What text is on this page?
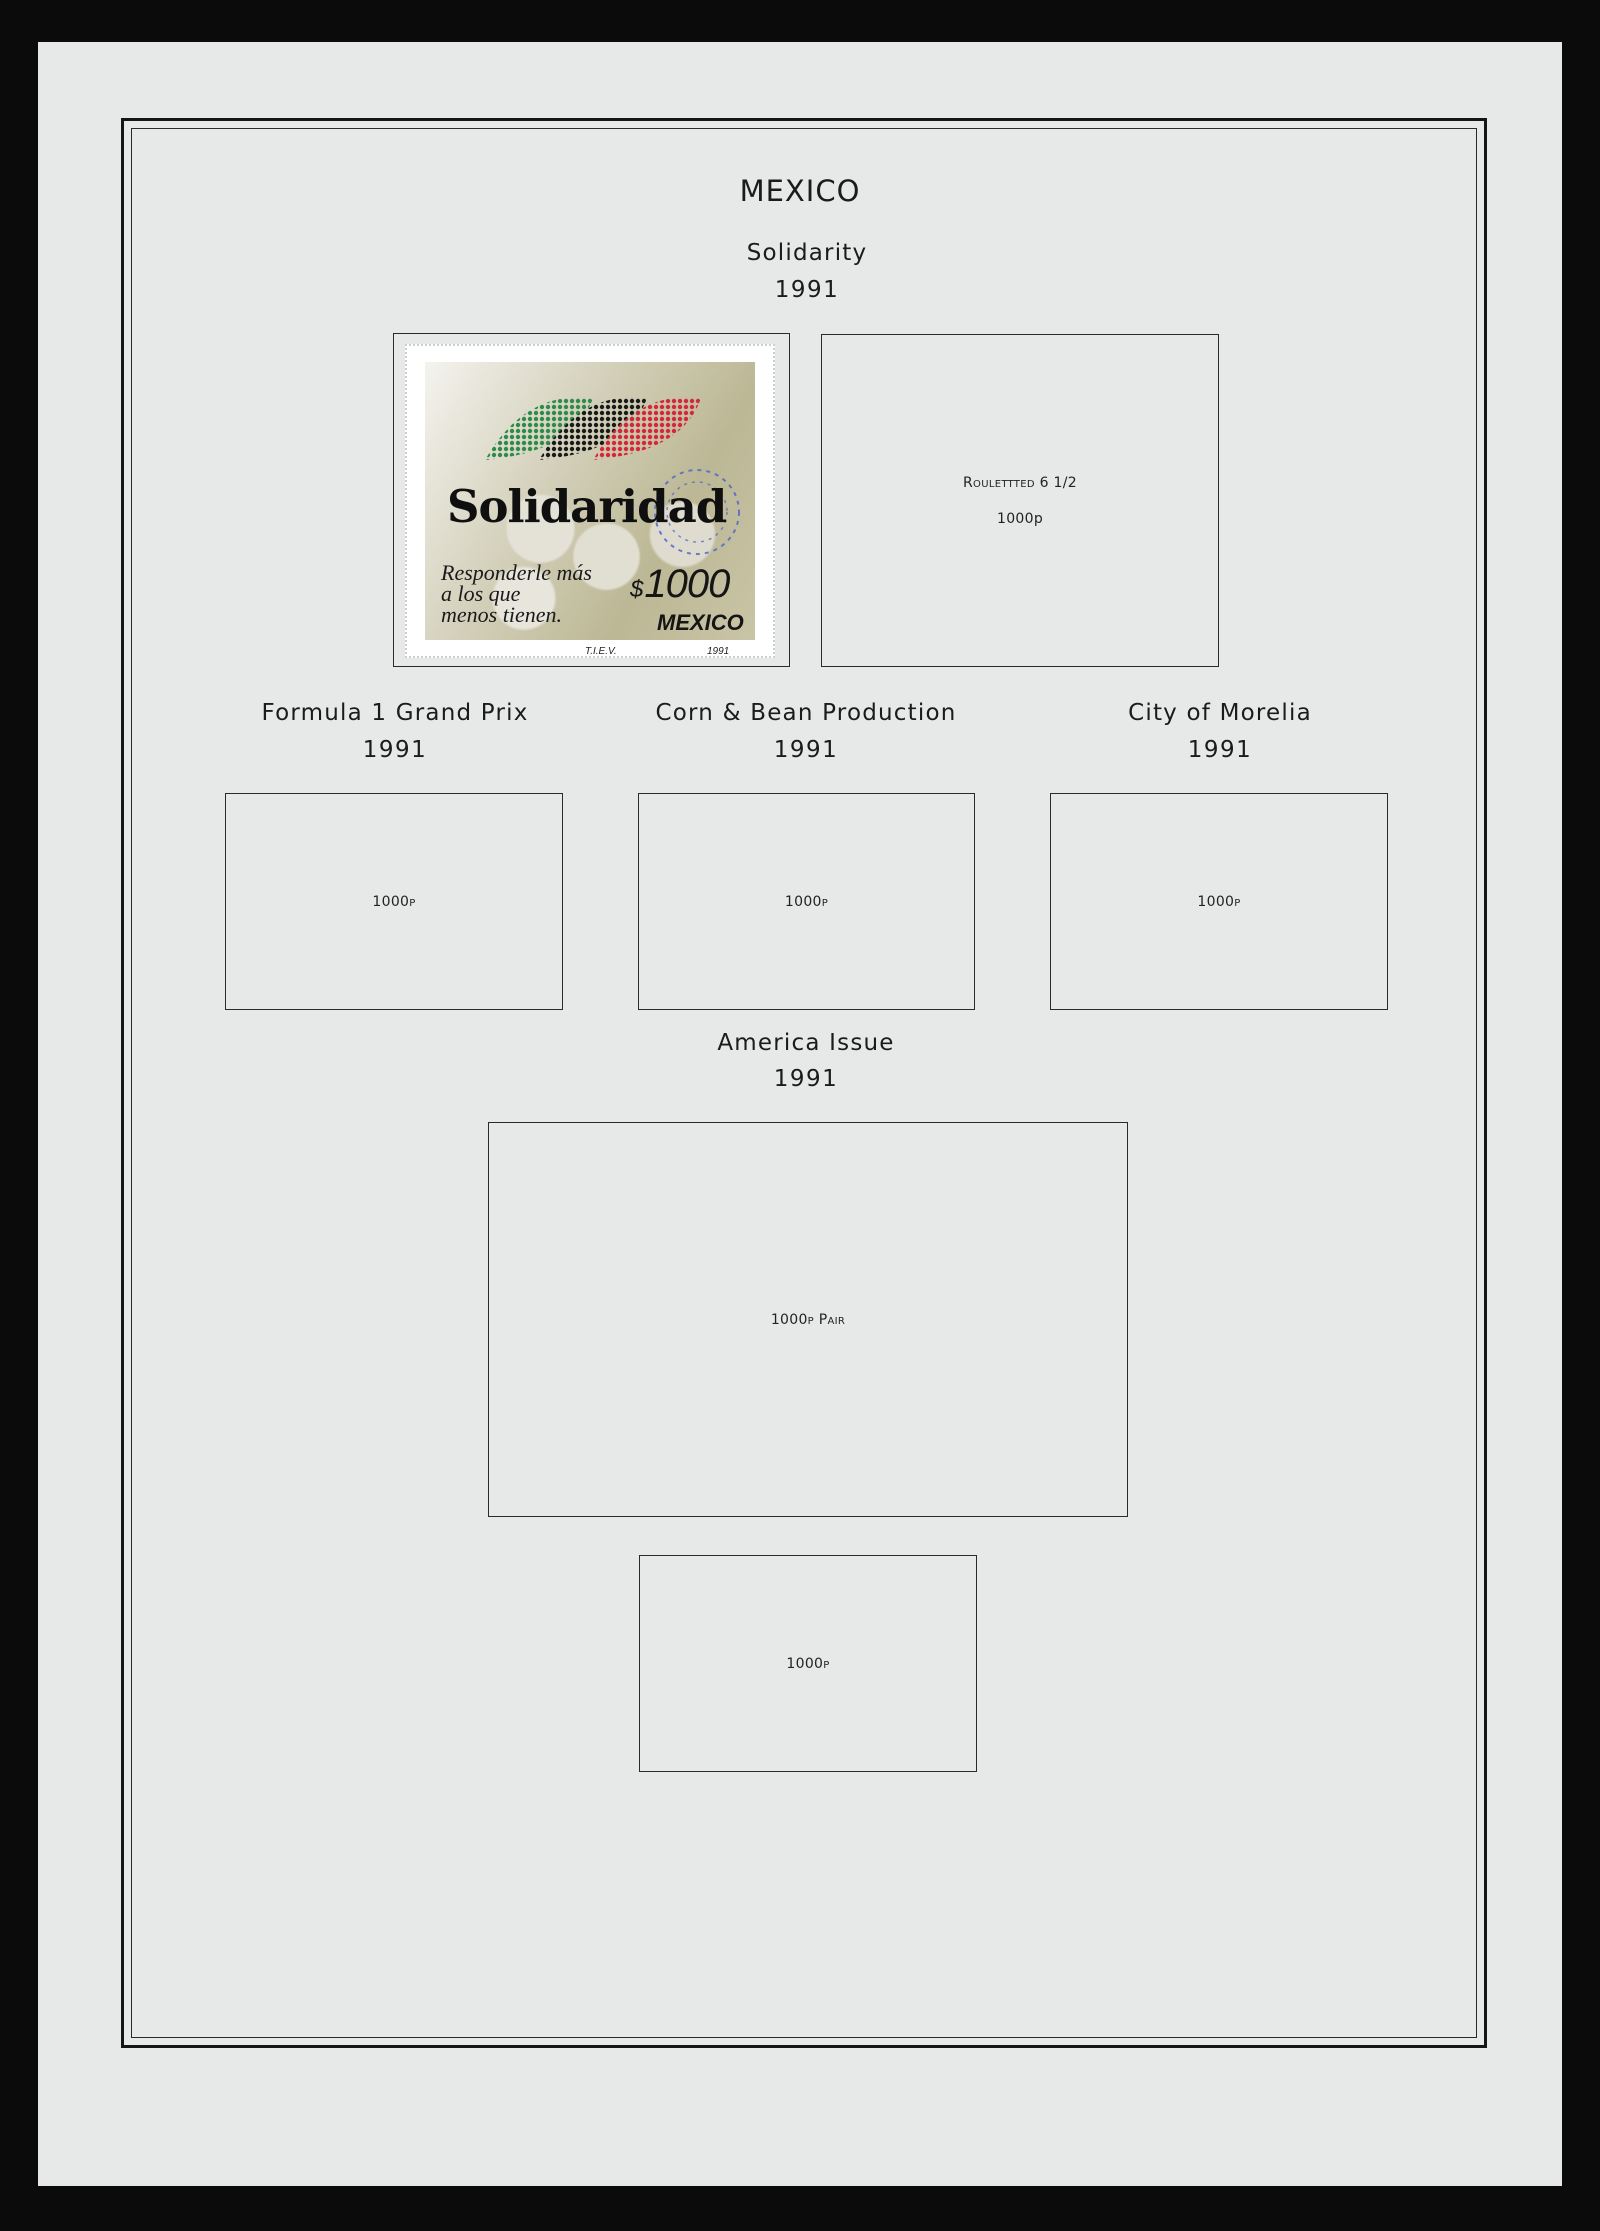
MEXICO
Solidarity
1991
Solidaridad
Responderle más
a los que
menos tienen.
$1000
MEXICO
T.I.E.V.	1991
Roulettted 6 1/2
1000p
Formula 1 Grand Prix
1991
Corn & Bean Production
1991
City of Morelia
1991
1000p	1000p	1000p
America Issue
1991
1000p Pair
1000p
